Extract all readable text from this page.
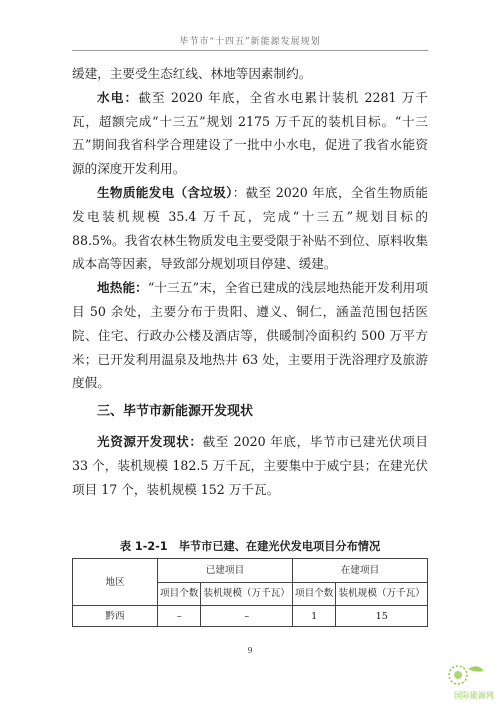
毕节市“十四五”新能源发展规划

缓建，主要受生态红线、林地等因素制约。

水电：截至 2020 年底，全省水电累计装机 2281 万千瓦，超额完成“十三五”规划 2175 万千瓦的装机目标。“十三五”期间我省科学合理建设了一批中小水电，促进了我省水能资源的深度开发利用。

生物质能发电（含垃圾）：截至 2020 年底，全省生物质能发电装机规模 35.4 万千瓦，完成“十三五”规划目标的 88.5%。我省农林生物质发电主要受限于补贴不到位、原料收集成本高等因素，导致部分规划项目停建、缓建。

地热能：“十三五”末，全省已建成的浅层地热能开发利用项目 50 余处，主要分布于贵阳、遵义、铜仁，涵盖范围包括医院、住宅、行政办公楼及酒店等，供暖制冷面积约 500 万平方米；已开发利用温泉及地热井 63 处，主要用于洗浴理疗及旅游度假。

三、毕节市新能源开发现状

光资源开发现状：截至 2020 年底，毕节市已建光伏项目 33 个，装机规模 182.5 万千瓦，主要集中于威宁县；在建光伏项目 17 个，装机规模 152 万千瓦。

表 1-2-1　毕节市已建、在建光伏发电项目分布情况
地区	已建项目		在建项目	
	项目个数	装机规模（万千瓦）	项目个数	装机规模（万千瓦）
黔西	–	–	1	15
9
国际能源网
